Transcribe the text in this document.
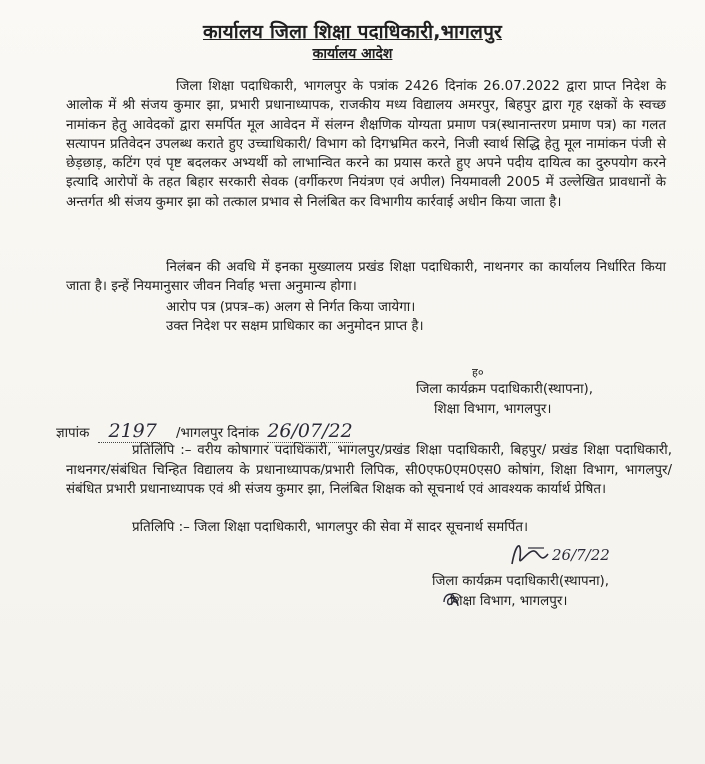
कार्यालय जिला शिक्षा पदाधिकारी,भागलपुर
कार्यालय आदेश
जिला शिक्षा पदाधिकारी, भागलपुर के पत्रांक 2426 दिनांक 26.07.2022 द्वारा प्राप्त निदेश के आलोक में श्री संजय कुमार झा, प्रभारी प्रधानाध्यापक, राजकीय मध्य विद्यालय अमरपुर, बिहपुर द्वारा गृह रक्षकों के स्वच्छ नामांकन हेतु आवेदकों द्वारा समर्पित मूल आवेदन में संलग्न शैक्षणिक योग्यता प्रमाण पत्र(स्थानान्तरण प्रमाण पत्र) का गलत सत्यापन प्रतिवेदन उपलब्ध कराते हुए उच्चाधिकारी/ विभाग को दिगभ्रमित करने, निजी स्वार्थ सिद्धि हेतु मूल नामांकन पंजी से छेड़छाड़, कटिंग एवं पृष्ट बदलकर अभ्यर्थी को लाभान्वित करने का प्रयास करते हुए अपने पदीय दायित्व का दुरुपयोग करने इत्यादि आरोपों के तहत बिहार सरकारी सेवक (वर्गीकरण नियंत्रण एवं अपील) नियमावली 2005 में उल्लेखित प्रावधानों के अन्तर्गत श्री संजय कुमार झा को तत्काल प्रभाव से निलंबित कर विभागीय कार्रवाई अधीन किया जाता है।
निलंबन की अवधि में इनका मुख्यालय प्रखंड शिक्षा पदाधिकारी, नाथनगर का कार्यालय निर्धारित किया जाता है। इन्हें नियमानुसार जीवन निर्वाह भत्ता अनुमान्य होगा।
आरोप पत्र (प्रपत्र–क) अलग से निर्गत किया जायेगा।
उक्त निदेश पर सक्षम प्राधिकार का अनुमोदन प्राप्त है।
ह०
जिला कार्यक्रम पदाधिकारी(स्थापना),
शिक्षा विभाग, भागलपुर।
ज्ञापांक 2197 /भागलपुर दिनांक 26/07/22
प्रतिलिपि :– वरीय कोषागार पदाधिकारी, भागलपुर/प्रखंड शिक्षा पदाधिकारी, बिहपुर/ प्रखंड शिक्षा पदाधिकारी, नाथनगर/संबंधित चिन्हित विद्यालय के प्रधानाध्यापक/प्रभारी लिपिक, सी0एफ0एम0एस0 कोषांग, शिक्षा विभाग, भागलपुर/संबंधित प्रभारी प्रधानाध्यापक एवं श्री संजय कुमार झा, निलंबित शिक्षक को सूचनार्थ एवं आवश्यक कार्यार्थ प्रेषित।
प्रतिलिपि :– जिला शिक्षा पदाधिकारी, भागलपुर की सेवा में सादर सूचनार्थ समर्पित।
26/7/22
जिला कार्यक्रम पदाधिकारी(स्थापना),
शिक्षा विभाग, भागलपुर।
